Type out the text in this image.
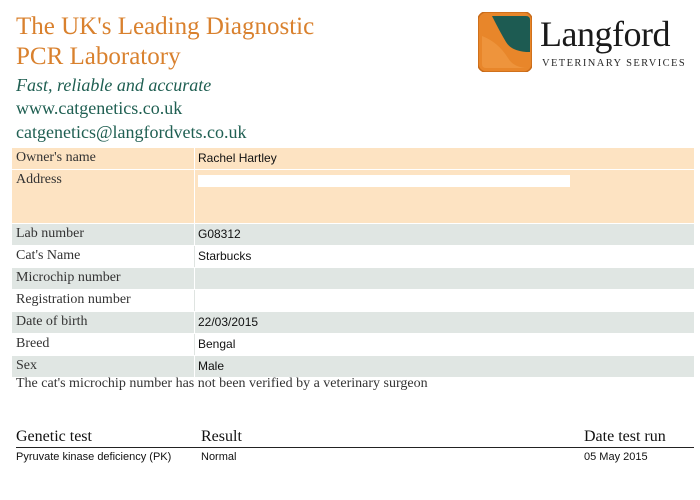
The UK's Leading Diagnostic
PCR Laboratory
Fast, reliable and accurate
www.catgenetics.co.uk
catgenetics@langfordvets.co.uk
Langford
VETERINARY SERVICES
Owner's name	Rachel Hartley
Address
Lab number	G08312
Cat's Name	Starbucks
Microchip number
Registration number
Date of birth	22/03/2015
Breed	Bengal
Sex	Male
The cat's microchip number has not been verified by a veterinary surgeon
Genetic test	Result	Date test run
Pyruvate kinase deficiency (PK)	Normal	05 May 2015
